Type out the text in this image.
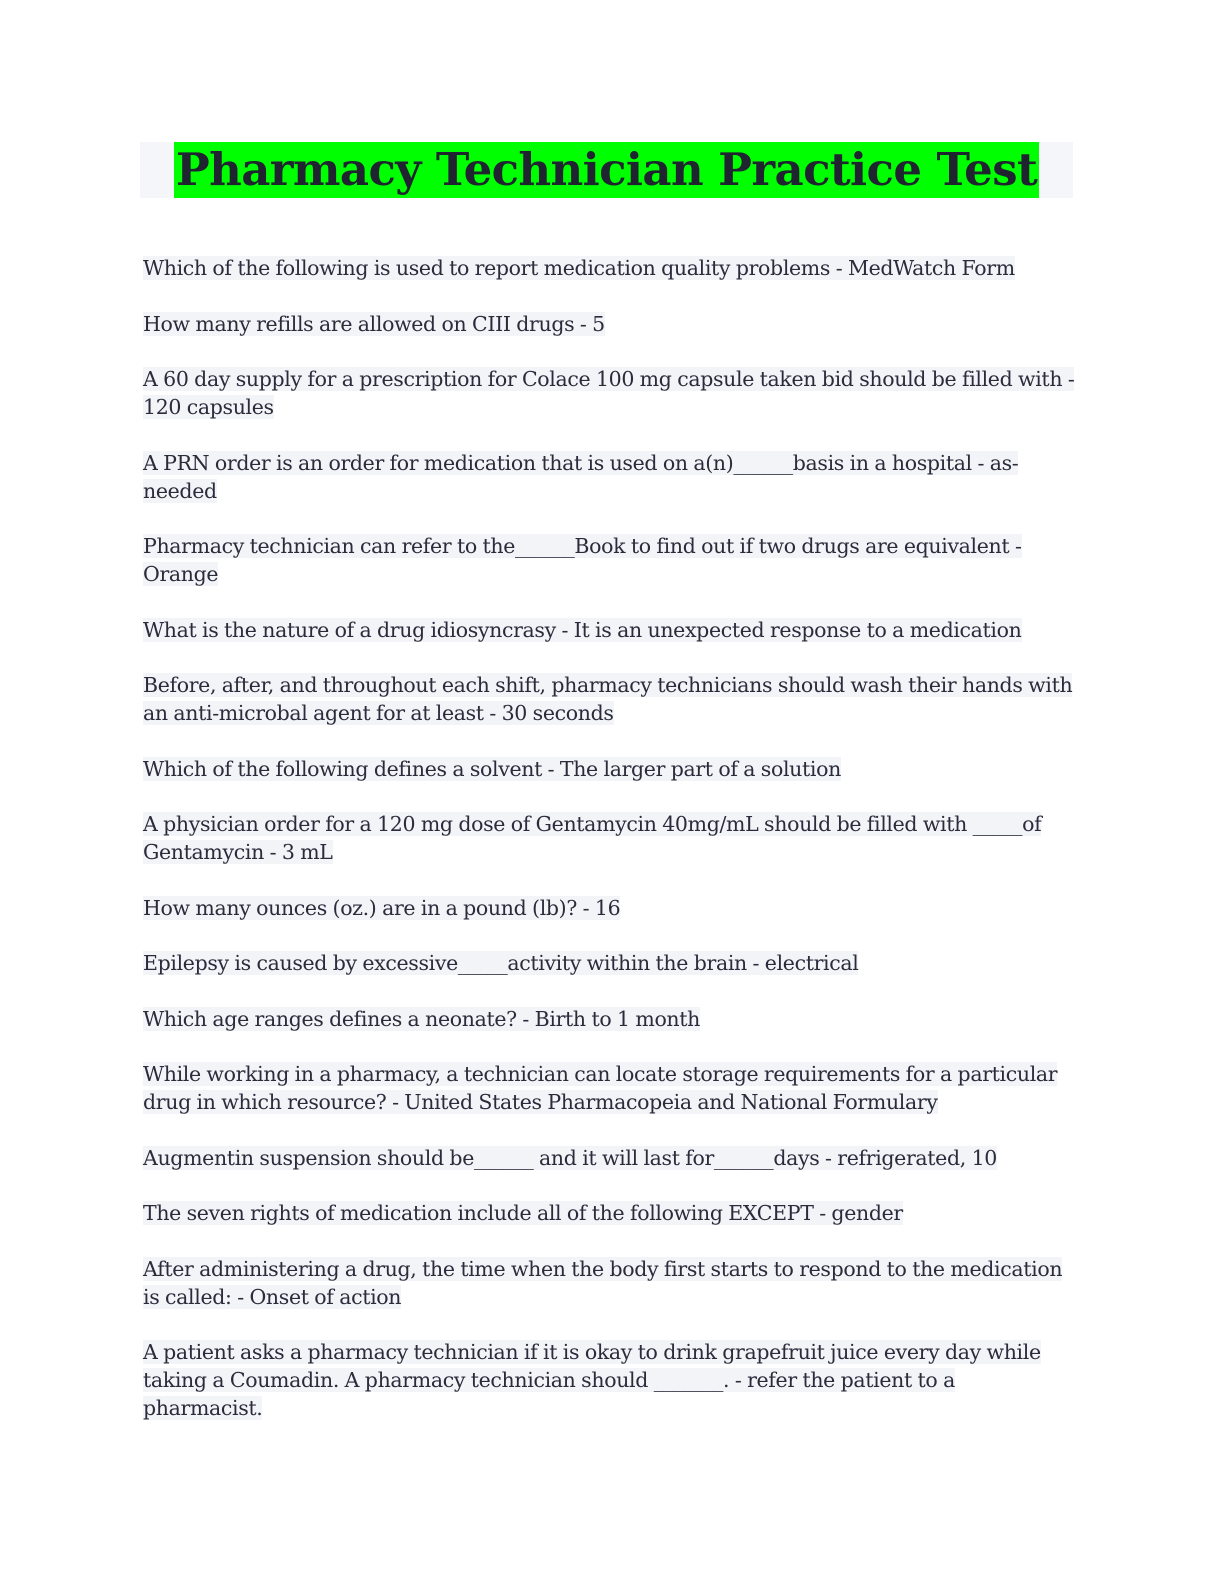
Pharmacy Technician Practice Test
Which of the following is used to report medication quality problems - MedWatch Form
How many refills are allowed on CIII drugs - 5
A 60 day supply for a prescription for Colace 100 mg capsule taken bid should be filled with - 120 capsules
A PRN order is an order for medication that is used on a(n)______basis in a hospital - as-needed
Pharmacy technician can refer to the______Book to find out if two drugs are equivalent - Orange
What is the nature of a drug idiosyncrasy - It is an unexpected response to a medication
Before, after, and throughout each shift, pharmacy technicians should wash their hands with an anti-microbal agent for at least - 30 seconds
Which of the following defines a solvent - The larger part of a solution
A physician order for a 120 mg dose of Gentamycin 40mg/mL should be filled with _____of Gentamycin - 3 mL
How many ounces (oz.) are in a pound (lb)? - 16
Epilepsy is caused by excessive_____activity within the brain - electrical
Which age ranges defines a neonate? - Birth to 1 month
While working in a pharmacy, a technician can locate storage requirements for a particular drug in which resource? - United States Pharmacopeia and National Formulary
Augmentin suspension should be______ and it will last for______days - refrigerated, 10
The seven rights of medication include all of the following EXCEPT - gender
After administering a drug, the time when the body first starts to respond to the medication is called: - Onset of action
A patient asks a pharmacy technician if it is okay to drink grapefruit juice every day while taking a Coumadin. A pharmacy technician should _______. - refer the patient to a pharmacist.
